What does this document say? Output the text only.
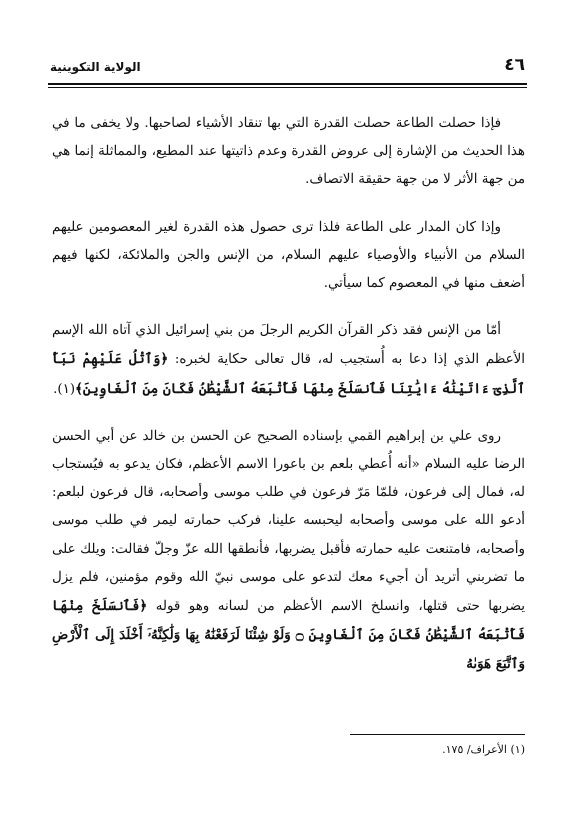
الولاية التكوينية	٤٦

فإذا حصلت الطاعة حصلت القدرة التي بها تنقاد الأشياء لصاحبها. ولا يخفى ما في هذا الحديث من الإشارة إلى عروض القدرة وعدم ذاتيتها عند المطيع، والمماثلة إنما هي من جهة الأثر لا من جهة حقيقة الاتصاف.

وإذا كان المدار على الطاعة فلذا ترى حصول هذه القدرة لغير المعصومين عليهم السلام من الأنبياء والأوصياء عليهم السلام، من الإنس والجن والملائكة، لكنها فيهم أضعف منها في المعصوم كما سيأتي.

أمّا من الإنس فقد ذكر القرآن الكريم الرجلَ من بني إسرائيل الذي آتاه الله الإسم الأعظم الذي إذا دعا به أُستجيب له، قال تعالى حكاية لخبره: ﴿وَٱتْلُ عَلَيْهِمْ نَبَأَ ٱلَّذِىٓ ءَاتَيْنَٰهُ ءَايَٰتِنَا فَٱنسَلَخَ مِنْهَا فَأَتْبَعَهُ ٱلشَّيْطَٰنُ فَكَانَ مِنَ ٱلْغَاوِينَ﴾(١).

روى علي بن إبراهيم القمي بإسناده الصحيح عن الحسن بن خالد عن أبي الحسن الرضا عليه السلام «أنه أُعطي بلعم بن باعورا الاسم الأعظم، فكان يدعو به فيُستجاب له، فمال إلى فرعون، فلمّا مَرّ فرعون في طلب موسى وأصحابه، قال فرعون لبلعم: أدعو الله على موسى وأصحابه ليحبسه علينا، فركب حمارته ليمر في طلب موسى وأصحابه، فامتنعت عليه حمارته فأقبل يضربها، فأنطقها الله عزّ وجلّ فقالت: ويلك على ما تضربني أتريد أن أجيء معك لتدعو على موسى نبيّ الله وقوم مؤمنين، فلم يزل يضربها حتى قتلها، وانسلخ الاسم الأعظم من لسانه وهو قوله ﴿فَٱنسَلَخَ مِنْهَا فَأَتْبَعَهُ ٱلشَّيْطَٰنُ فَكَانَ مِنَ ٱلْغَاوِينَ ۝ وَلَوْ شِئْنَا لَرَفَعْنَٰهُ بِهَا وَلَٰكِنَّهُۥٓ أَخْلَدَ إِلَى ٱلْأَرْضِ وَٱتَّبَعَ هَوَىٰهُ

(١) الأعراف/ ١٧٥.
